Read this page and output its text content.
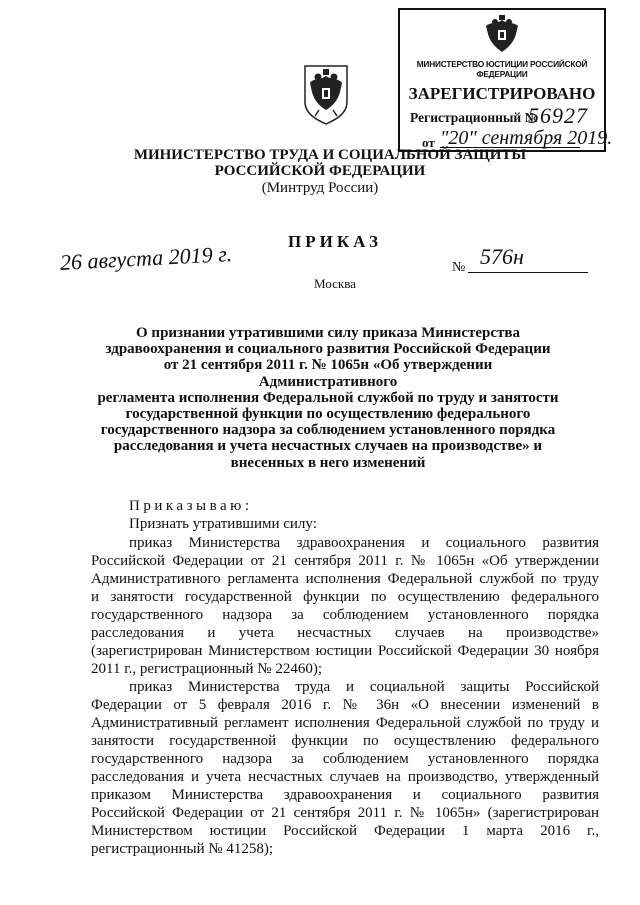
МИНИСТЕРСТВО ЮСТИЦИИ РОССИЙСКОЙ ФЕДЕРАЦИИ
ЗАРЕГИСТРИРОВАНО
Регистрационный №
56927
от "20" сентября 2019.
МИНИСТЕРСТВО ТРУДА И СОЦИАЛЬНОЙ ЗАЩИТЫ
РОССИЙСКОЙ ФЕДЕРАЦИИ
(Минтруд России)
ПРИКАЗ
26 августа 2019 г.	№ 576н
Москва
О признании утратившими силу приказа Министерства
здравоохранения и социального развития Российской Федерации
от 21 сентября 2011 г. № 1065н «Об утверждении Административного
регламента исполнения Федеральной службой по труду и занятости
государственной функции по осуществлению федерального
государственного надзора за соблюдением установленного порядка
расследования и учета несчастных случаев на производстве» и
внесенных в него изменений
Приказываю:
Признать утратившими силу:
приказ Министерства здравоохранения и социального развития
Российской Федерации от 21 сентября 2011 г. № 1065н «Об утверждении
Административного регламента исполнения Федеральной службой по труду
и занятости государственной функции по осуществлению федерального
государственного надзора за соблюдением установленного порядка
расследования и учета несчастных случаев на производстве»
(зарегистрирован Министерством юстиции Российской Федерации 30 ноября
2011 г., регистрационный № 22460);
приказ Министерства труда и социальной защиты Российской
Федерации от 5 февраля 2016 г. № 36н «О внесении изменений в
Административный регламент исполнения Федеральной службой по труду и
занятости государственной функции по осуществлению федерального
государственного надзора за соблюдением установленного порядка
расследования и учета несчастных случаев на производство, утвержденный
приказом Министерства здравоохранения и социального развития
Российской Федерации от 21 сентября 2011 г. № 1065н» (зарегистрирован
Министерством юстиции Российской Федерации 1 марта 2016 г.,
регистрационный № 41258);
